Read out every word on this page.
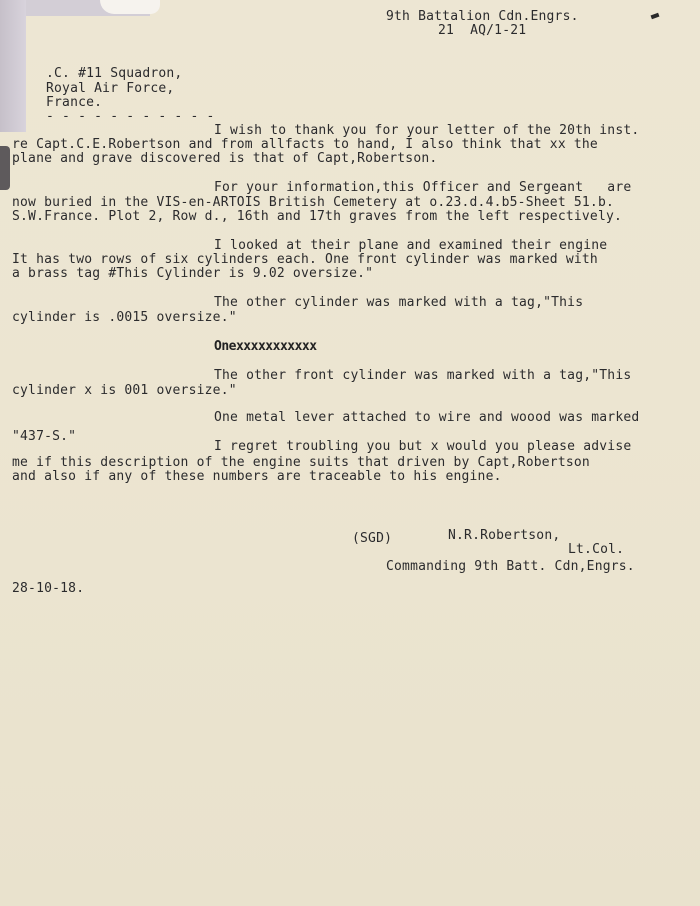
9th Battalion Cdn.Engrs.

21  AQ/1-21

.C. #11 Squadron,

Royal Air Force,

France.

- - - - - - - - - - -

I wish to thank you for your letter of the 20th inst.

re Capt.C.E.Robertson and from allfacts to hand, I also think that xx the

plane and grave discovered is that of Capt,Robertson.

For your information,this Officer and Sergeant   are

now buried in the VIS-en-ARTOIS British Cemetery at o.23.d.4.b5-Sheet 51.b.

S.W.France. Plot 2, Row d., 16th and 17th graves from the left respectively.

I looked at their plane and examined their engine

It has two rows of six cylinders each. One front cylinder was marked with

a brass tag #This Cylinder is 9.02 oversize."

The other cylinder was marked with a tag,"This

cylinder is .0015 oversize."

Onexxxxxxxxxxx

The other front cylinder was marked with a tag,"This

cylinder x is 001 oversize."

One metal lever attached to wire and woood was marked

"437-S."

I regret troubling you but x would you please advise

me if this description of the engine suits that driven by Capt,Robertson

and also if any of these numbers are traceable to his engine.

(SGD)	N.R.Robertson,

Lt.Col.

Commanding 9th Batt. Cdn,Engrs.

28-10-18.
